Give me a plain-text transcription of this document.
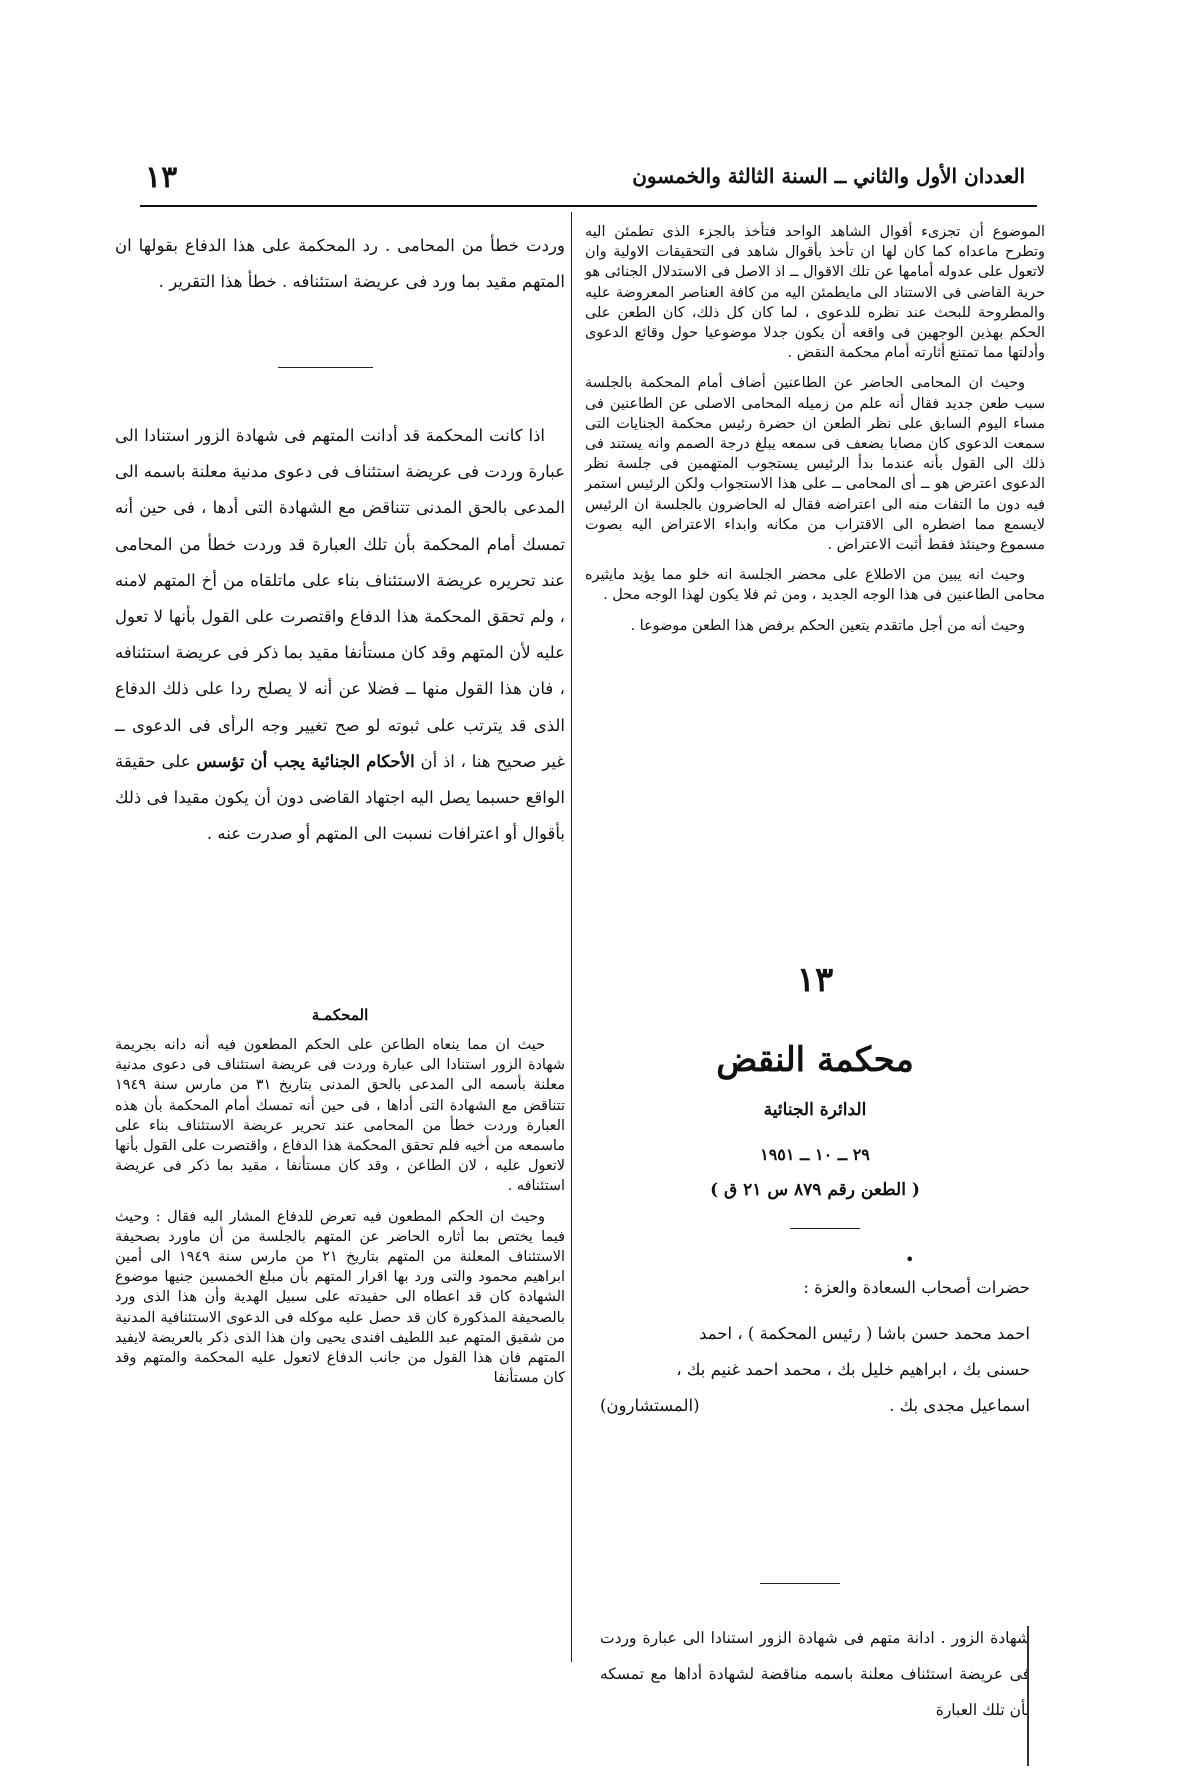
العددان الأول والثاني ــ السنة الثالثة والخمسون
١٣

الموضوع أن تجزىء أقوال الشاهد الواحد فتأخذ بالجزء الذى تطمئن اليه وتطرح ماعداه كما كان لها ان تأخذ بأقوال شاهد فى التحقيقات الاولية وان لاتعول على عدوله أمامها عن تلك الاقوال ــ اذ الاصل فى الاستدلال الجنائى هو حرية القاضى فى الاستناد الى مايطمئن اليه من كافة العناصر المعروضة عليه والمطروحة للبحث عند نظره للدعوى ، لما كان كل ذلك، كان الطعن على الحكم بهذين الوجهين فى واقعه أن يكون جدلا موضوعيا حول وقائع الدعوى وأدلتها مما تمتنع أثارته أمام محكمة النقض .

وحيث ان المحامى الحاضر عن الطاعنين أضاف أمام المحكمة بالجلسة سبب طعن جديد فقال أنه علم من زميله المحامى الاصلى عن الطاعنين فى مساء اليوم السابق على نظر الطعن ان حضرة رئيس محكمة الجنايات التى سمعت الدعوى كان مصابا بضعف فى سمعه يبلغ درجة الصمم وانه يستند فى ذلك الى القول بأنه عندما بدأ الرئيس يستجوب المتهمين فى جلسة نظر الدعوى اعترض هو ــ أى المحامى ــ على هذا الاستجواب ولكن الرئيس استمر فيه دون ما التفات منه الى اعتراضه فقال له الحاضرون بالجلسة ان الرئيس لايسمع مما اضطره الى الاقتراب من مكانه وابداء الاعتراض اليه بصوت مسموع وحينئذ فقط أثبت الاعتراض .

وحيث انه يبين من الاطلاع على محضر الجلسة انه خلو مما يؤيد مايثيره محامى الطاعنين فى هذا الوجه الجديد ، ومن ثم فلا يكون لهذا الوجه محل .

وحيث أنه من أجل ماتقدم يتعين الحكم برفض هذا الطعن موضوعا .

١٣
محكمة النقض
الدائرة الجنائية
٢٩ ــ ١٠ ــ ١٩٥١
( الطعن رقم ٨٧٩ س ٢١ ق )
•

حضرات أصحاب السعادة والعزة :

احمد محمد حسن باشا ( رئيس المحكمة ) ، احمد

حسنى بك ، ابراهيم خليل بك ، محمد احمد غنيم بك ،

اسماعيل مجدى بك .
(المستشارون)

شهادة الزور . ادانة متهم فى شهادة الزور استنادا الى عبارة وردت فى عريضة استئناف معلنة باسمه مناقضة لشهادة أداها مع تمسكه بأن تلك العبارة

وردت خطأ من المحامى . رد المحكمة على هذا الدفاع بقولها ان المتهم مقيد بما ورد فى عريضة استئنافه . خطأ هذا التقرير .

اذا كانت المحكمة قد أدانت المتهم فى شهادة الزور استنادا الى عبارة وردت فى عريضة استئناف فى دعوى مدنية معلنة باسمه الى المدعى بالحق المدنى تتناقض مع الشهادة التى أدها ، فى حين أنه تمسك أمام المحكمة بأن تلك العبارة قد وردت خطأ من المحامى عند تحريره عريضة الاستئناف بناء على ماتلقاه من أخ المتهم لامنه ، ولم تحقق المحكمة هذا الدفاع واقتصرت على القول بأنها لا تعول عليه لأن المتهم وقد كان مستأنفا مقيد بما ذكر فى عريضة استئنافه ، فان هذا القول منها ــ فضلا عن أنه لا يصلح ردا على ذلك الدفاع الذى قد يترتب على ثبوته لو صح تغيير وجه الرأى فى الدعوى ــ غير صحيح هنا ، اذ أن الأحكام الجنائية يجب أن تؤسس على حقيقة الواقع حسبما يصل اليه اجتهاد القاضى دون أن يكون مقيدا فى ذلك بأقوال أو اعترافات نسبت الى المتهم أو صدرت عنه .

المحكمـة

حيث ان مما ينعاه الطاعن على الحكم المطعون فيه أنه دانه بجريمة شهادة الزور استنادا الى عبارة وردت فى عريضة استئناف فى دعوى مدنية معلنة بأسمه الى المدعى بالحق المدنى بتاريخ ٣١ من مارس سنة ١٩٤٩ تتناقض مع الشهادة التى أداها ، فى حين أنه تمسك أمام المحكمة بأن هذه العبارة وردت خطأ من المحامى عند تحرير عريضة الاستئناف بناء على ماسمعه من أخيه فلم تحقق المحكمة هذا الدفاع ، واقتصرت على القول بأنها لاتعول عليه ، لان الطاعن ، وقد كان مستأنفا ، مقيد بما ذكر فى عريضة استئنافه .

وحيث ان الحكم المطعون فيه تعرض للدفاع المشار اليه فقال : وحيث فيما يختص بما أثاره الحاضر عن المتهم بالجلسة من أن ماورد بصحيفة الاستئناف المعلنة من المتهم بتاريخ ٢١ من مارس سنة ١٩٤٩ الى أمين ابراهيم محمود والتى ورد بها اقرار المتهم بأن مبلغ الخمسين جنيها موضوع الشهادة كان قد اعطاه الى حفيدته على سبيل الهدية وأن هذا الذى ورد بالصحيفة المذكورة كان قد حصل عليه موكله فى الدعوى الاستئنافية المدنية من شقيق المتهم عبد اللطيف افندى يحيى وان هذا الذى ذكر بالعريضة لايفيد المتهم فان هذا القول من جانب الدفاع لاتعول عليه المحكمة والمتهم وقد كان مستأنفا
